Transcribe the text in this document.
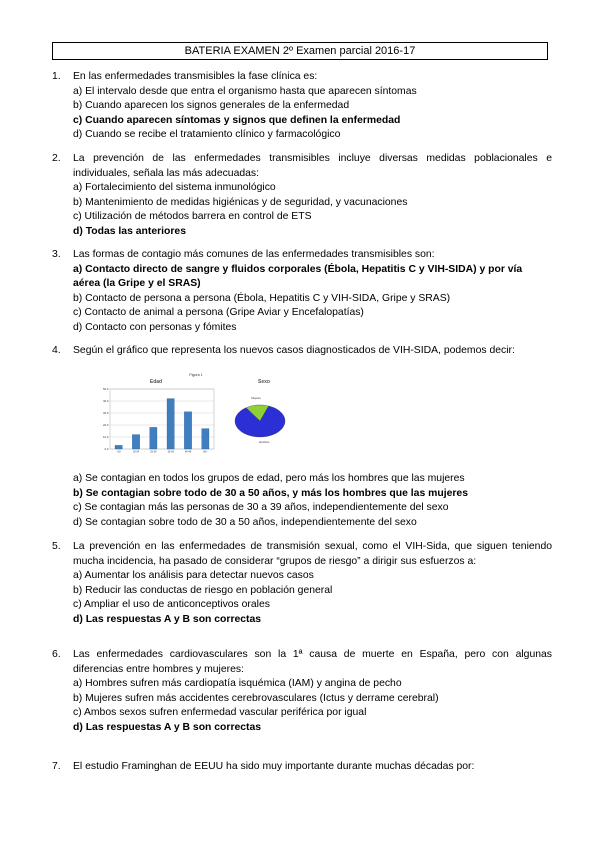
BATERIA EXAMEN 2º Examen parcial 2016-17
1. En las enfermedades transmisibles la fase clínica es:
a) El intervalo desde que entra el organismo hasta que aparecen síntomas
b) Cuando aparecen los signos generales de la enfermedad
c) Cuando aparecen síntomas y signos que definen la enfermedad
d) Cuando se recibe el tratamiento clínico y farmacológico
2. La prevención de las enfermedades transmisibles incluye diversas medidas poblacionales e individuales, señala las más adecuadas:
a) Fortalecimiento del sistema inmunológico
b) Mantenimiento de medidas higiénicas y de seguridad, y vacunaciones
c) Utilización de métodos barrera en control de ETS
d) Todas las anteriores
3. Las formas de contagio más comunes de las enfermedades transmisibles son:
a) Contacto directo de sangre y fluidos corporales (Ébola, Hepatitis C y VIH-SIDA) y por vía aérea (la Gripe y el SRAS)
b) Contacto de persona a persona (Ébola, Hepatitis C y VIH-SIDA, Gripe y SRAS)
c) Contacto de animal a persona (Gripe Aviar y Encefalopatías)
d) Contacto con personas y fómites
4. Según el gráfico que representa los nuevos casos diagnosticados de VIH-SIDA, podemos decir:
Figura 1
Edad	Sexo
0.0
10.0
20.0
30.0
40.0
50.0
<20	20-24	25-29	30-39	40-49	50+
Hombres
Mujeres
a) Se contagian en todos los grupos de edad, pero más los hombres que las mujeres
b) Se contagian sobre todo de 30 a 50 años, y más los hombres que las mujeres
c) Se contagian más las personas de 30 a 39 años, independientemente del sexo
d) Se contagian sobre todo de 30 a 50 años, independientemente del sexo
5. La prevención en las enfermedades de transmisión sexual, como el VIH-Sida, que siguen teniendo mucha incidencia, ha pasado de considerar “grupos de riesgo” a dirigir sus esfuerzos a:
a) Aumentar los análisis para detectar nuevos casos
b) Reducir las conductas de riesgo en población general
c) Ampliar el uso de anticonceptivos orales
d) Las respuestas A y B son correctas
6. Las enfermedades cardiovasculares son la 1ª causa de muerte en España, pero con algunas diferencias entre hombres y mujeres:
a) Hombres sufren más cardiopatía isquémica (IAM) y angina de pecho
b) Mujeres sufren más accidentes cerebrovasculares (Ictus y derrame cerebral)
c) Ambos sexos sufren enfermedad vascular periférica por igual
d) Las respuestas A y B son correctas
7. El estudio Framinghan de EEUU ha sido muy importante durante muchas décadas por:
